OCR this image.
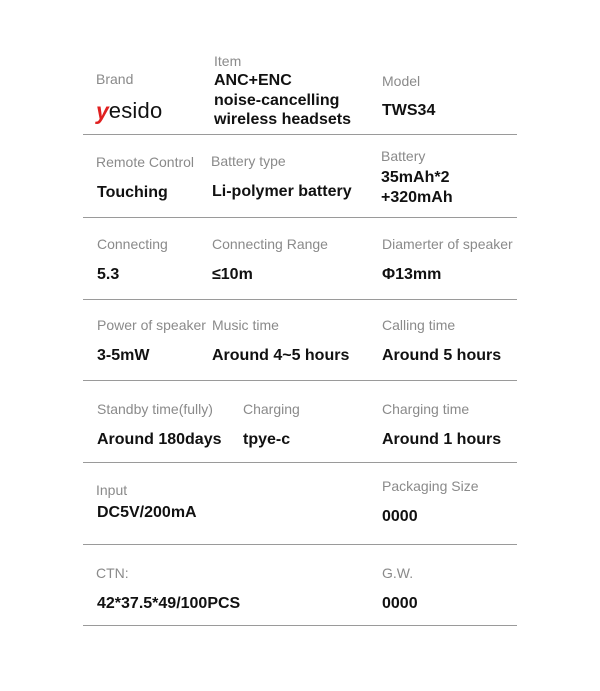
Brand
y esido
Item
ANC+ENC
noise-cancelling
wireless headsets
Model
TWS34
Remote Control
Touching
Battery type
Li-polymer battery
Battery
35mAh*2
+320mAh
Connecting
5.3
Connecting Range
≤10m
Diamerter of speaker
Φ13mm
Power of speaker
3-5mW
Music time
Around 4~5 hours
Calling time
Around 5 hours
Standby time(fully)
Around 180days
Charging
tpye-c
Charging time
Around 1 hours
Input
DC5V/200mA
Packaging Size
0000
CTN:
42*37.5*49/100PCS
G.W.
0000
